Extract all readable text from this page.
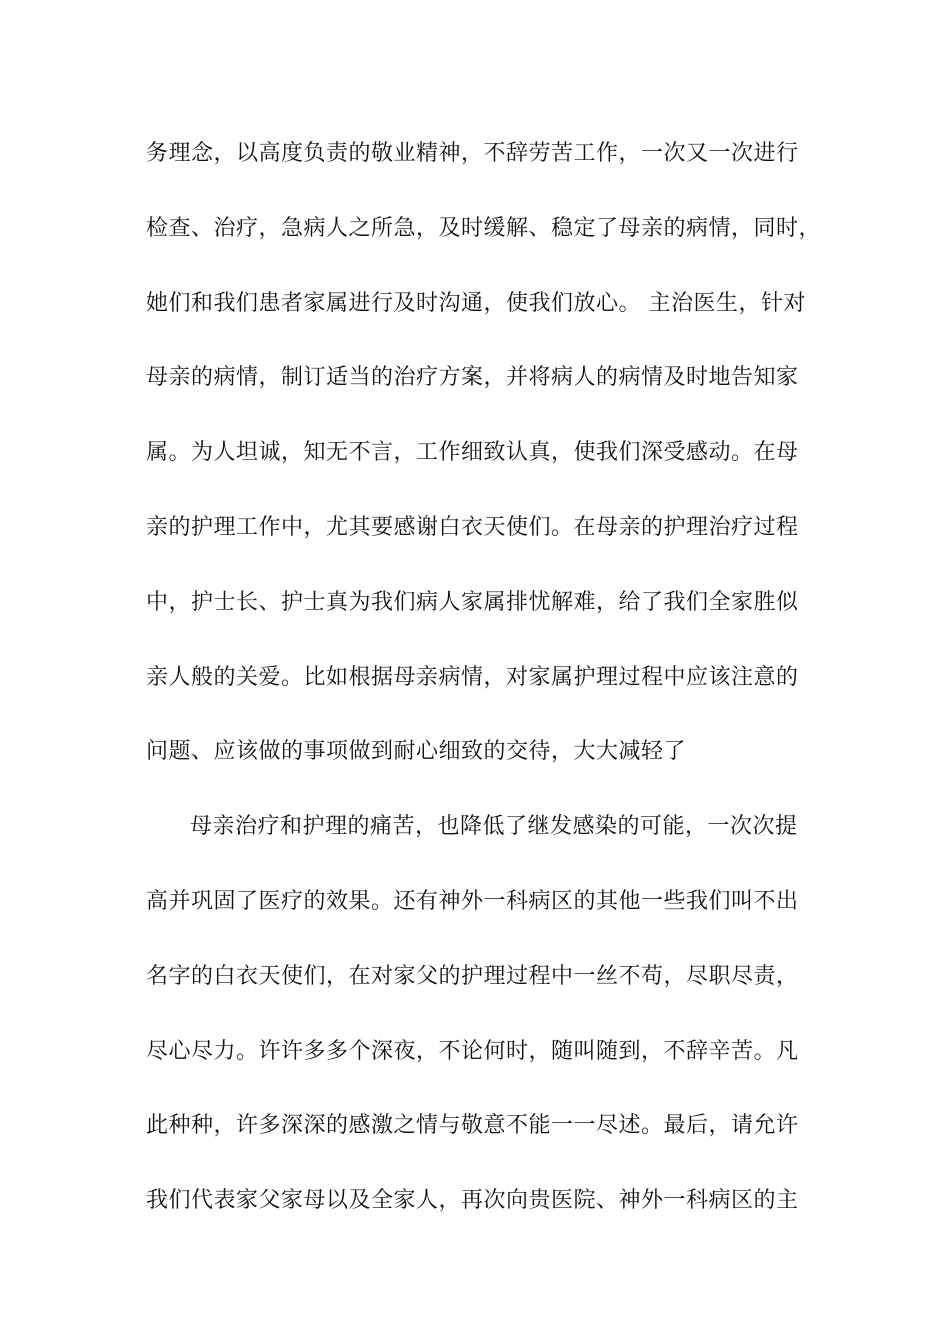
务理念，以高度负责的敬业精神，不辞劳苦工作，一次又一次进行
检查、治疗，急病人之所急，及时缓解、稳定了母亲的病情，同时，
她们和我们患者家属进行及时沟通，使我们放心。 主治医生，针对
母亲的病情，制订适当的治疗方案，并将病人的病情及时地告知家
属。为人坦诚，知无不言，工作细致认真，使我们深受感动。在母
亲的护理工作中，尤其要感谢白衣天使们。在母亲的护理治疗过程
中，护士长、护士真为我们病人家属排忧解难，给了我们全家胜似
亲人般的关爱。比如根据母亲病情，对家属护理过程中应该注意的
问题、应该做的事项做到耐心细致的交待，大大减轻了
母亲治疗和护理的痛苦，也降低了继发感染的可能，一次次提
高并巩固了医疗的效果。还有神外一科病区的其他一些我们叫不出
名字的白衣天使们，在对家父的护理过程中一丝不苟，尽职尽责，
尽心尽力。许许多多个深夜，不论何时，随叫随到，不辞辛苦。凡
此种种，许多深深的感激之情与敬意不能一一尽述。最后，请允许
我们代表家父家母以及全家人，再次向贵医院、神外一科病区的主
